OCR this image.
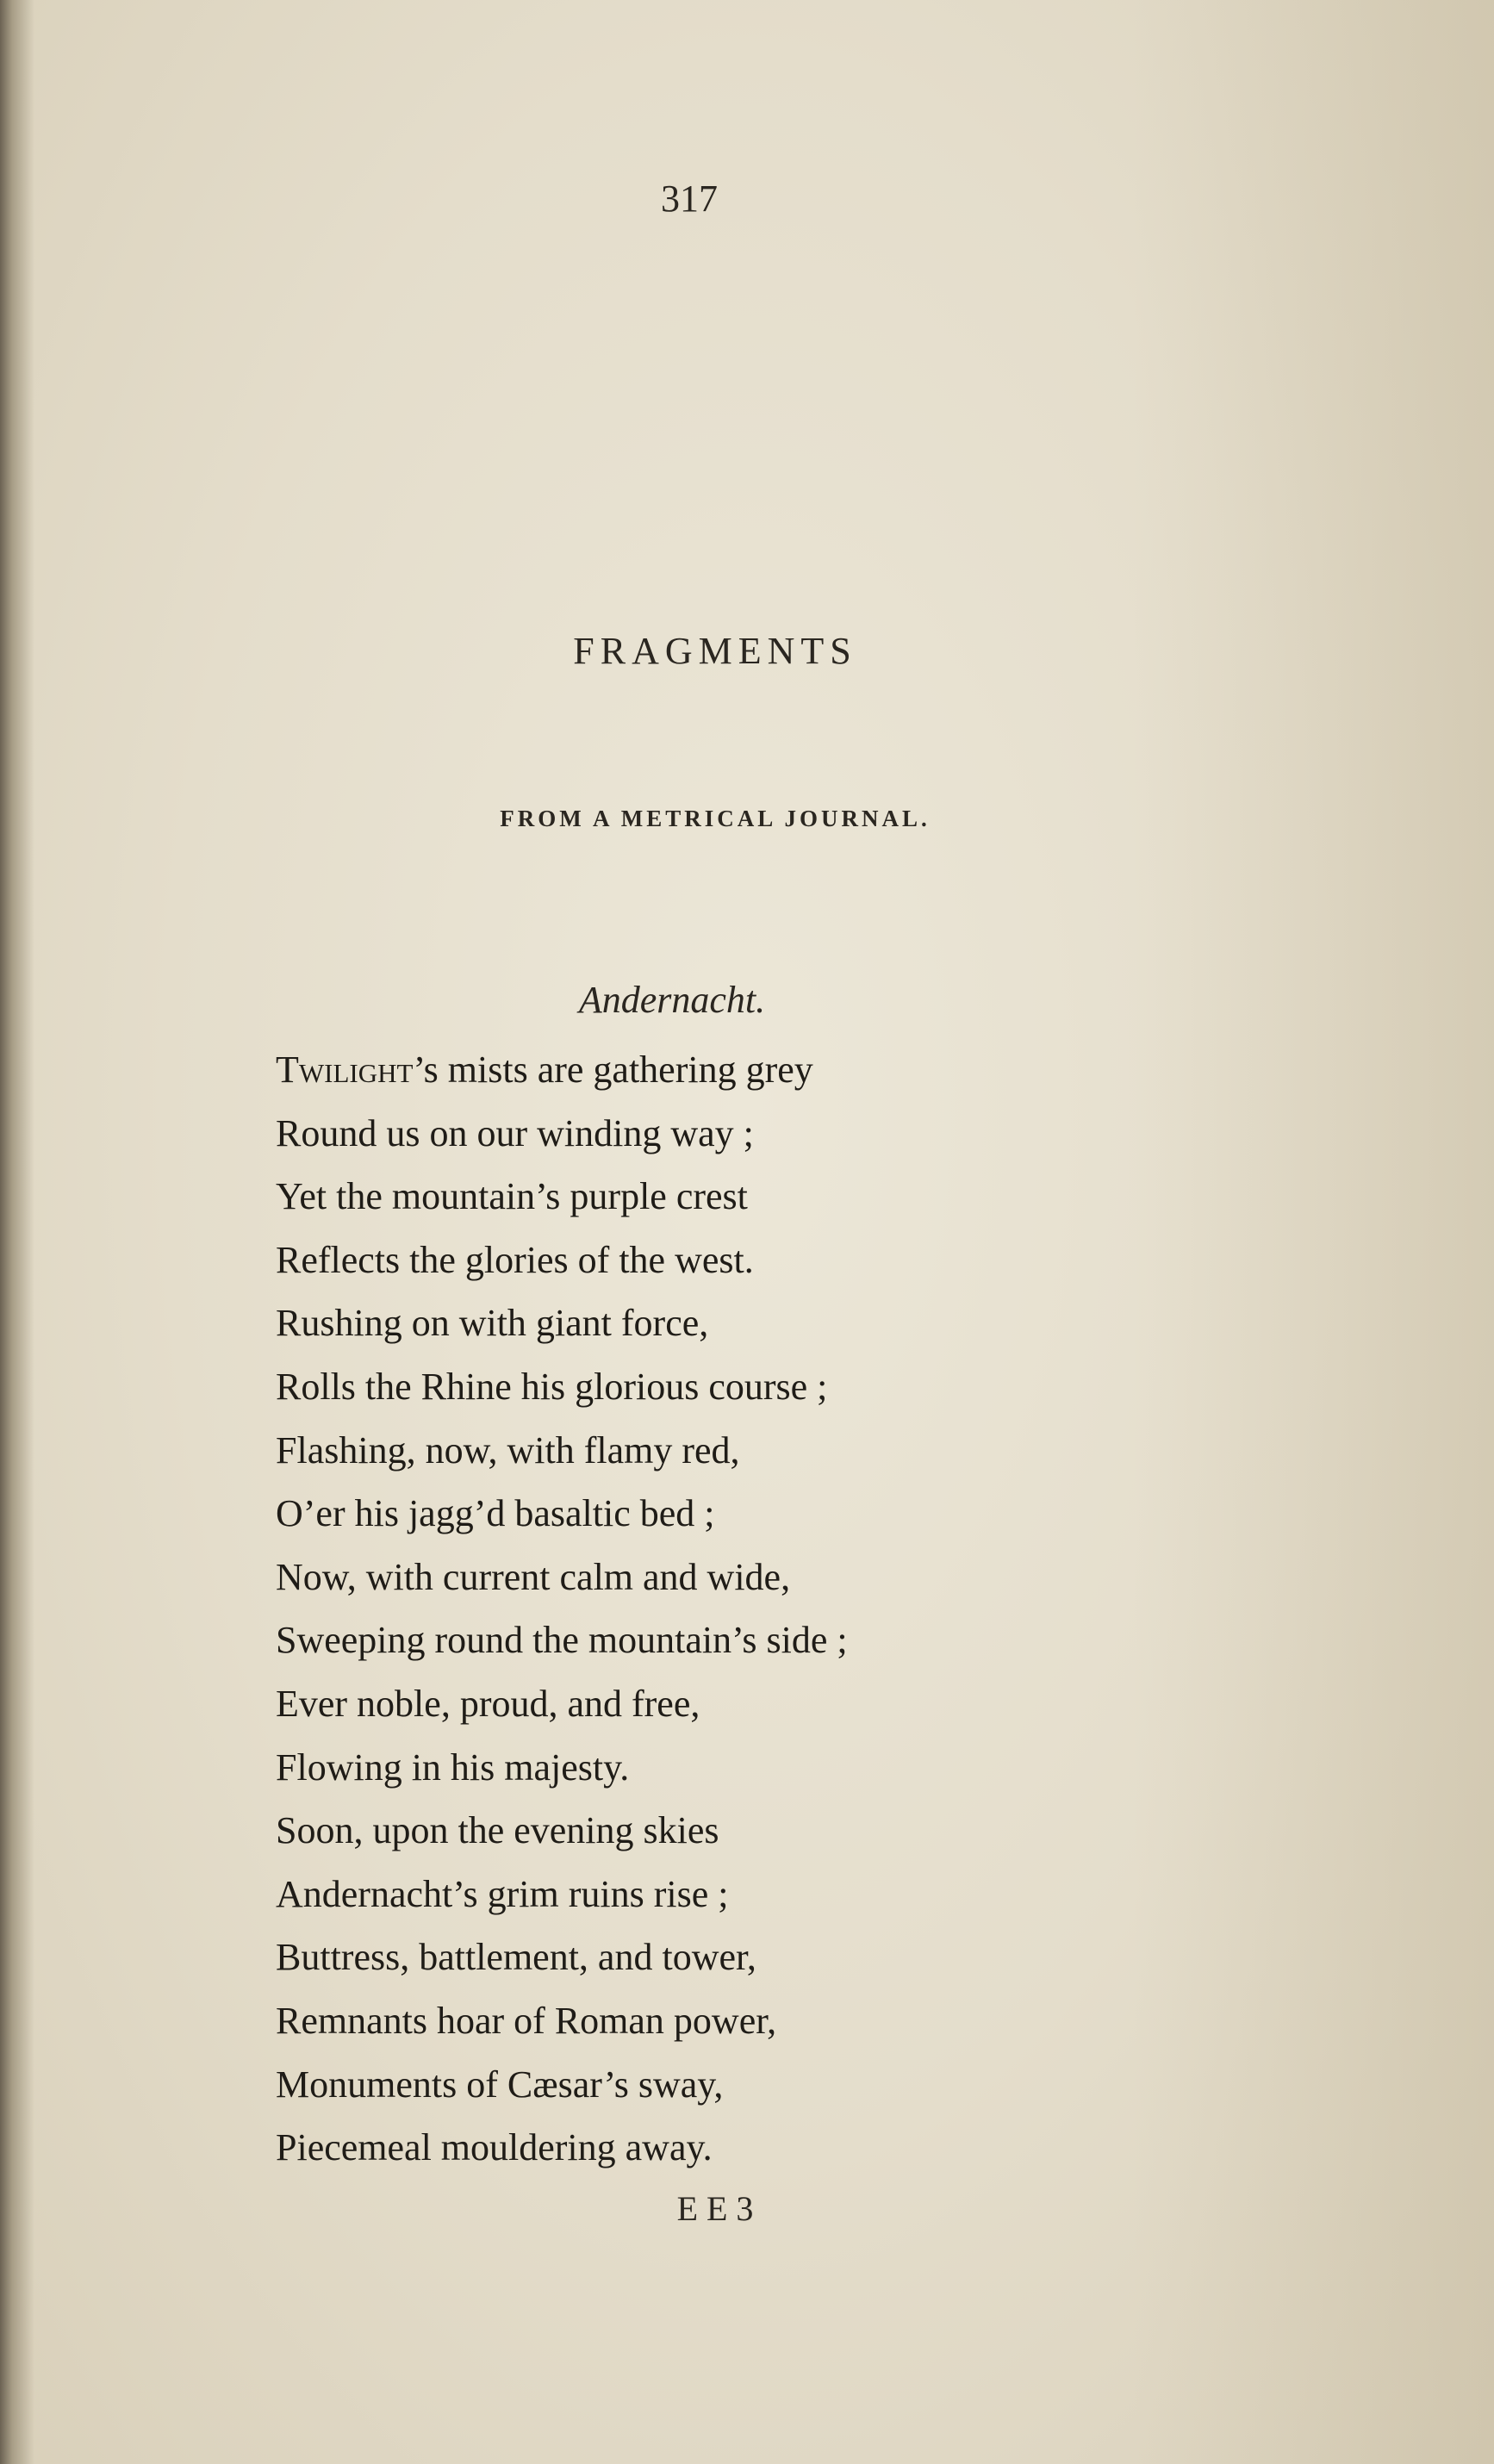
317
FRAGMENTS
FROM A METRICAL JOURNAL.
Andernacht.
Twilight’s mists are gathering grey
Round us on our winding way ;
Yet the mountain’s purple crest
Reflects the glories of the west.
Rushing on with giant force,
Rolls the Rhine his glorious course ;
Flashing, now, with flamy red,
O’er his jagg’d basaltic bed ;
Now, with current calm and wide,
Sweeping round the mountain’s side ;
Ever noble, proud, and free,
Flowing in his majesty.
Soon, upon the evening skies
Andernacht’s grim ruins rise ;
Buttress, battlement, and tower,
Remnants hoar of Roman power,
Monuments of Cæsar’s sway,
Piecemeal mouldering away.
E E 3
